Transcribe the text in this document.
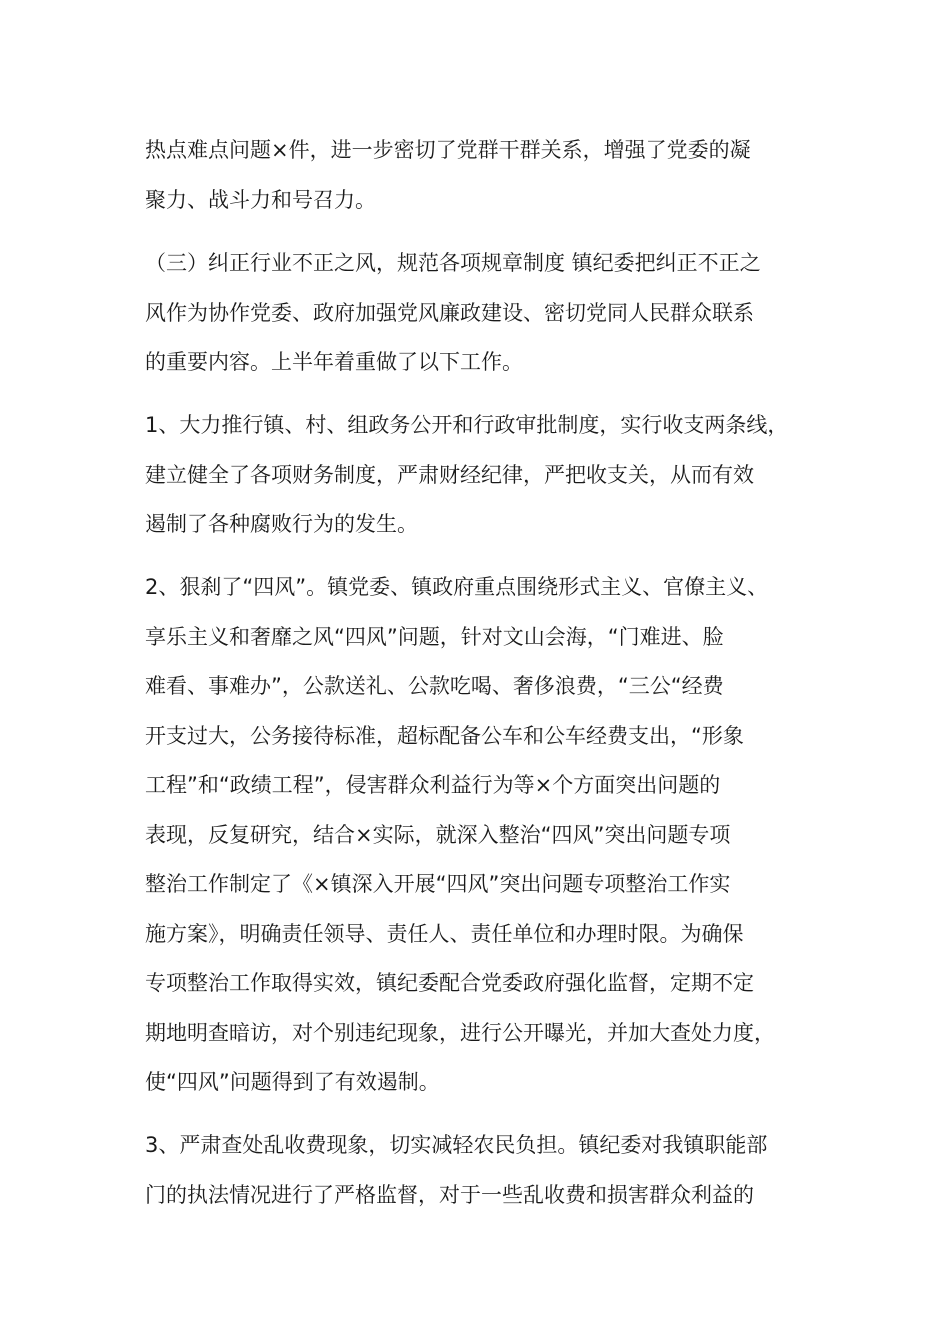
热点难点问题×件，进一步密切了党群干群关系，增强了党委的凝
聚力、战斗力和号召力。
（三）纠正行业不正之风，规范各项规章制度 镇纪委把纠正不正之
风作为协作党委、政府加强党风廉政建设、密切党同人民群众联系
的重要内容。上半年着重做了以下工作。
1、大力推行镇、村、组政务公开和行政审批制度，实行收支两条线，
建立健全了各项财务制度，严肃财经纪律，严把收支关，从而有效
遏制了各种腐败行为的发生。
2、狠刹了“四风”。镇党委、镇政府重点围绕形式主义、官僚主义、
享乐主义和奢靡之风“四风”问题，针对文山会海，“门难进、脸
难看、事难办”，公款送礼、公款吃喝、奢侈浪费，“三公“经费
开支过大，公务接待标准，超标配备公车和公车经费支出，“形象
工程”和“政绩工程”，侵害群众利益行为等×个方面突出问题的
表现，反复研究，结合×实际，就深入整治“四风”突出问题专项
整治工作制定了《×镇深入开展“四风”突出问题专项整治工作实
施方案》，明确责任领导、责任人、责任单位和办理时限。为确保
专项整治工作取得实效，镇纪委配合党委政府强化监督，定期不定
期地明查暗访，对个别违纪现象，进行公开曝光，并加大查处力度，
使“四风”问题得到了有效遏制。
3、严肃查处乱收费现象，切实减轻农民负担。镇纪委对我镇职能部
门的执法情况进行了严格监督，对于一些乱收费和损害群众利益的
